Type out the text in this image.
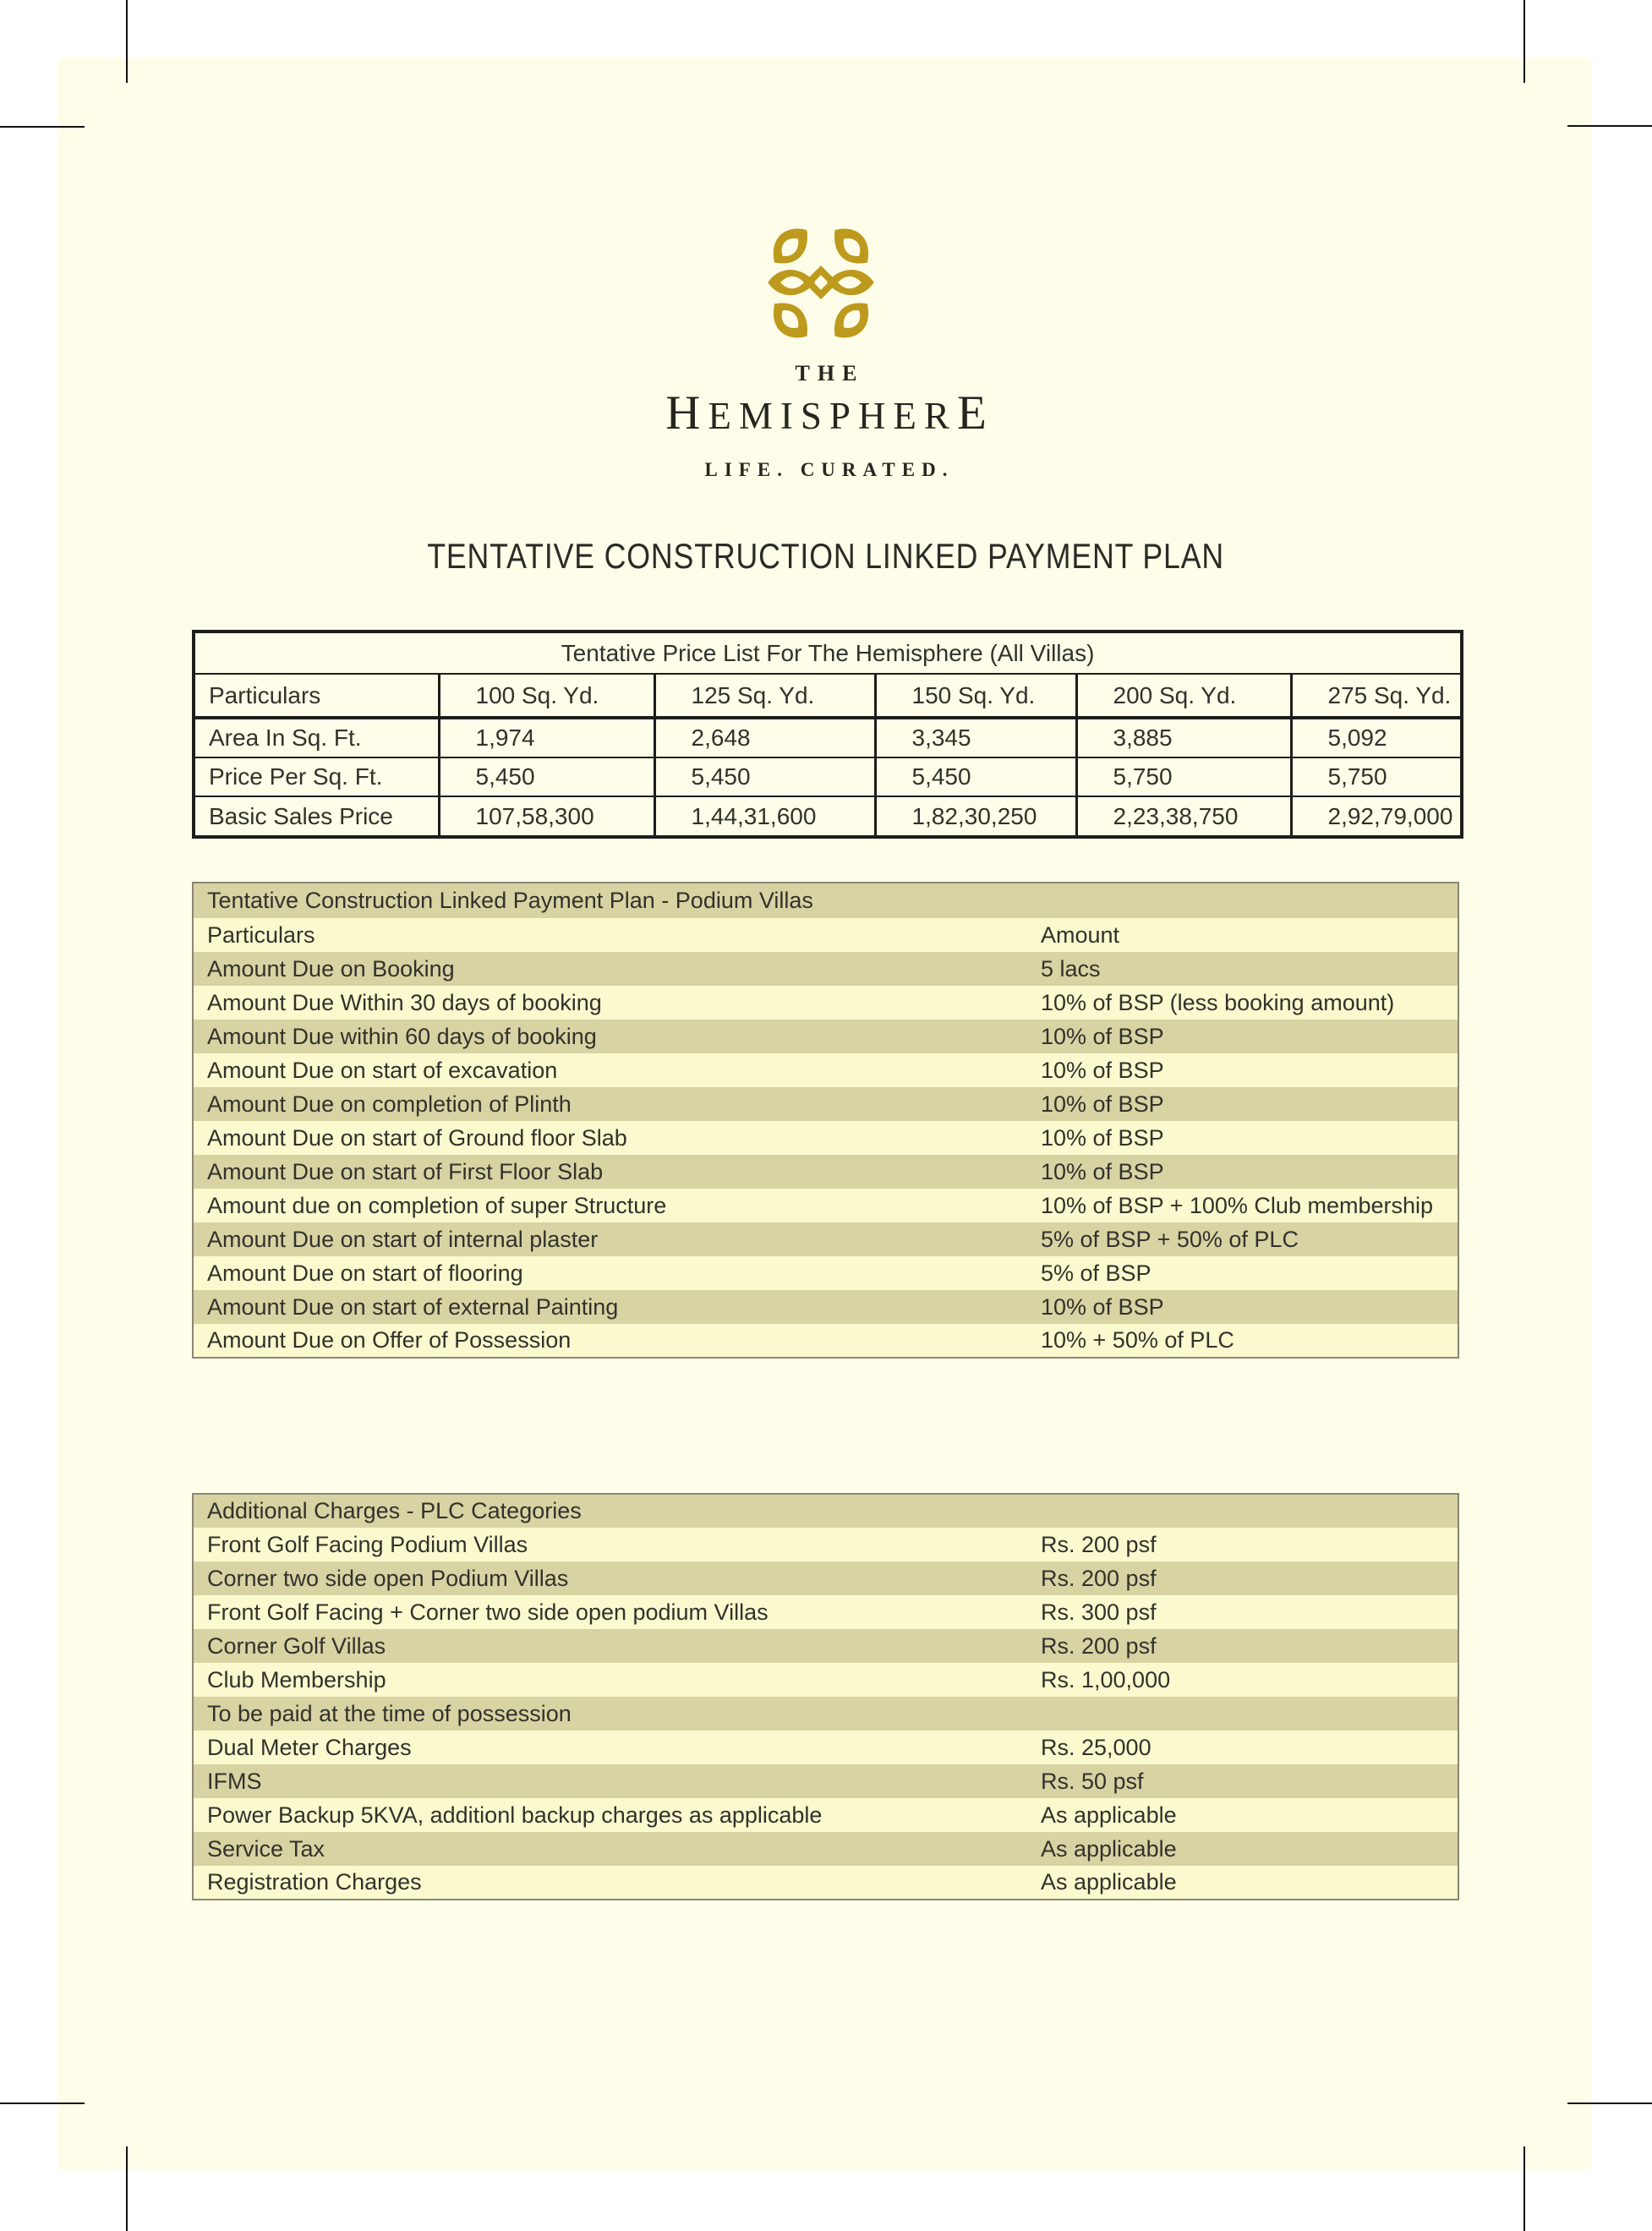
THE
HEMISPHERE
LIFE. CURATED.
TENTATIVE CONSTRUCTION LINKED PAYMENT PLAN
Tentative Price List For The Hemisphere (All Villas)					
Particulars	100 Sq. Yd.	125 Sq. Yd.	150 Sq. Yd.	200 Sq. Yd.	275 Sq. Yd.
Area In Sq. Ft.	1,974	2,648	3,345	3,885	5,092
Price Per Sq. Ft.	5,450	5,450	5,450	5,750	5,750
Basic Sales Price	107,58,300	1,44,31,600	1,82,30,250	2,23,38,750	2,92,79,000
Tentative Construction Linked Payment Plan - Podium Villas	
Particulars	Amount
Amount Due on Booking	5 lacs
Amount Due Within 30 days of booking	10% of BSP (less booking amount)
Amount Due within 60 days of booking	10% of BSP
Amount Due on start of excavation	10% of BSP
Amount Due on completion of Plinth	10% of BSP
Amount Due on start of Ground floor Slab	10% of BSP
Amount Due on start of First Floor Slab	10% of BSP
Amount due on completion of super Structure	10% of BSP + 100% Club membership
Amount Due on start of internal plaster	5% of BSP + 50% of PLC
Amount Due on start of flooring	5% of BSP
Amount Due on start of external Painting	10% of BSP
Amount Due on Offer of Possession	10% + 50% of PLC
Additional Charges - PLC Categories	
Front Golf Facing Podium Villas	Rs. 200 psf
Corner two side open Podium Villas	Rs. 200 psf
Front Golf Facing + Corner two side open podium Villas	Rs. 300 psf
Corner Golf Villas	Rs. 200 psf
Club Membership	Rs. 1,00,000
To be paid at the time of possession	
Dual Meter Charges	Rs. 25,000
IFMS	Rs. 50 psf
Power Backup 5KVA, additionl backup charges as applicable	As applicable
Service Tax	As applicable
Registration Charges	As applicable
